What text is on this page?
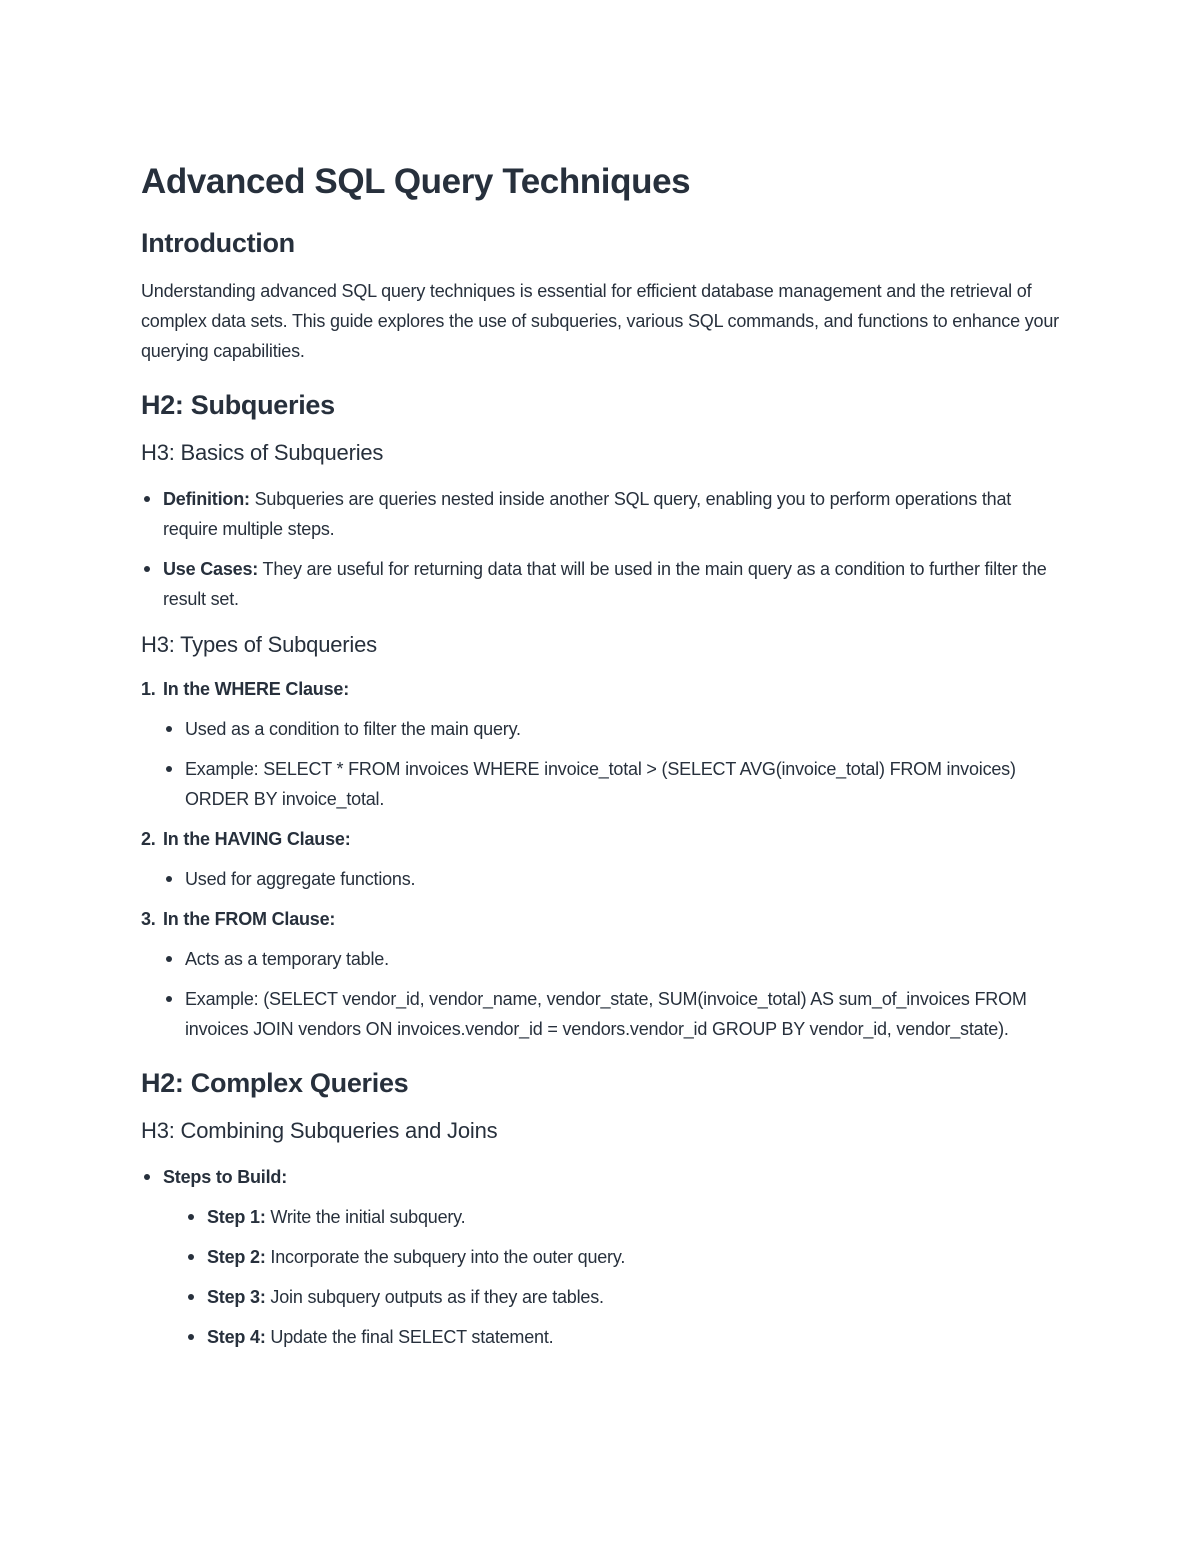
Advanced SQL Query Techniques
Introduction

Understanding advanced SQL query techniques is essential for efficient database management and the retrieval of complex data sets. This guide explores the use of subqueries, various SQL commands, and functions to enhance your querying capabilities.

H2: Subqueries
H3: Basics of Subqueries
Definition: Subqueries are queries nested inside another SQL query, enabling you to perform operations that require multiple steps.
Use Cases: They are useful for returning data that will be used in the main query as a condition to further filter the result set.
H3: Types of Subqueries
1. In the WHERE Clause:
Used as a condition to filter the main query.
Example: SELECT * FROM invoices WHERE invoice_total > (SELECT AVG(invoice_total) FROM invoices) ORDER BY invoice_total.
2. In the HAVING Clause:
Used for aggregate functions.
3. In the FROM Clause:
Acts as a temporary table.
Example: (SELECT vendor_id, vendor_name, vendor_state, SUM(invoice_total) AS sum_of_invoices FROM invoices JOIN vendors ON invoices.vendor_id = vendors.vendor_id GROUP BY vendor_id, vendor_state).
H2: Complex Queries
H3: Combining Subqueries and Joins
Steps to Build:
Step 1: Write the initial subquery.
Step 2: Incorporate the subquery into the outer query.
Step 3: Join subquery outputs as if they are tables.
Step 4: Update the final SELECT statement.
